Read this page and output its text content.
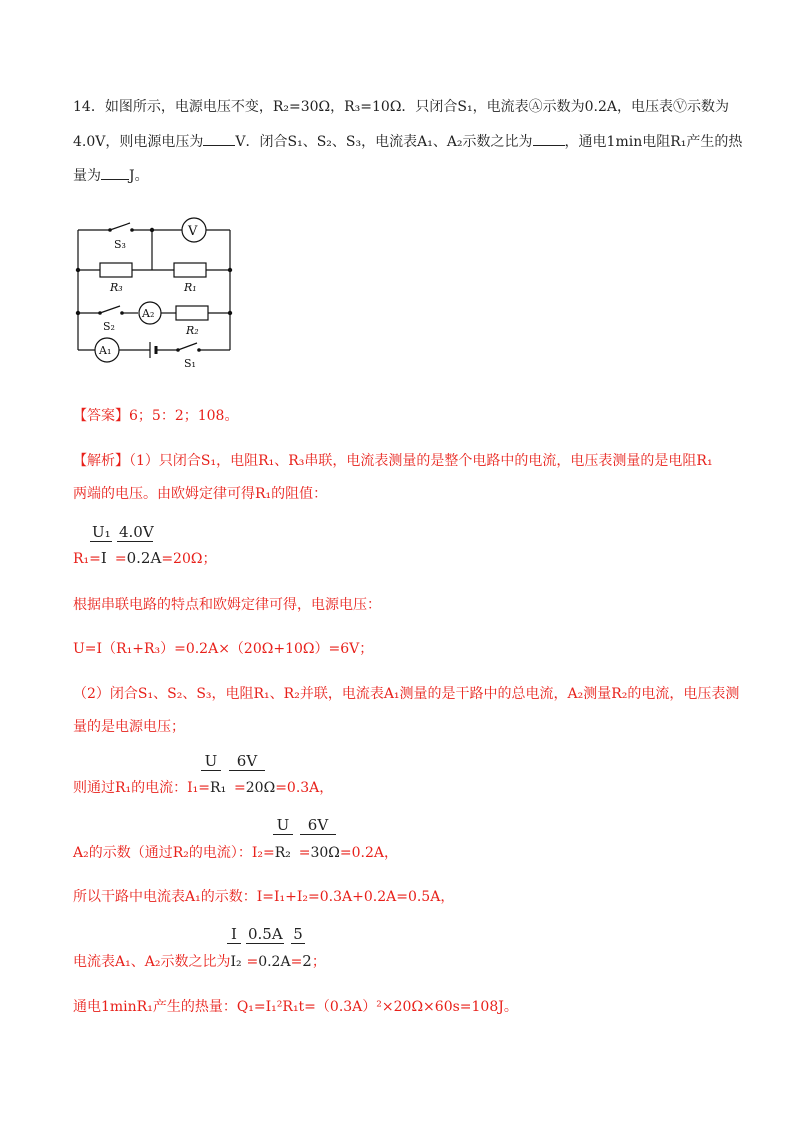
14．如图所示，电源电压不变，R₂=30Ω，R₃=10Ω．只闭合S₁，电流表Ⓐ示数为0.2A，电压表Ⓥ示数为
4.0V，则电源电压为 V．闭合S₁、S₂、S₃，电流表A₁、A₂示数之比为 ，通电1min电阻R₁产生的热
量为 J。
S₃
V
R₃	R₁
S₂
A₂
R₂
A₁
S₁
【答案】6；5：2；108。
【解析】（1）只闭合S₁，电阻R₁、R₃串联，电流表测量的是整个电路中的电流，电压表测量的是电阻R₁
两端的电压。由欧姆定律可得R₁的阻值：
U₁ 4.0V
R₁=I =0.2A=20Ω；
根据串联电路的特点和欧姆定律可得，电源电压：
U=I（R₁+R₃）=0.2A×（20Ω+10Ω）=6V；
（2）闭合S₁、S₂、S₃，电阻R₁、R₂并联，电流表A₁测量的是干路中的总电流，A₂测量R₂的电流，电压表测
量的是电源电压；
U	6V
则通过R₁的电流：I₁=R₁ =20Ω=0.3A，
U	6V
A₂的示数（通过R₂的电流）：I₂=R₂ =30Ω=0.2A，
所以干路中电流表A₁的示数：I=I₁+I₂=0.3A+0.2A=0.5A，
I 0.5A 5
电流表A₁、A₂示数之比为I₂ =0.2A=2；
通电1minR₁产生的热量：Q₁=I₁²R₁t=（0.3A）²×20Ω×60s=108J。
